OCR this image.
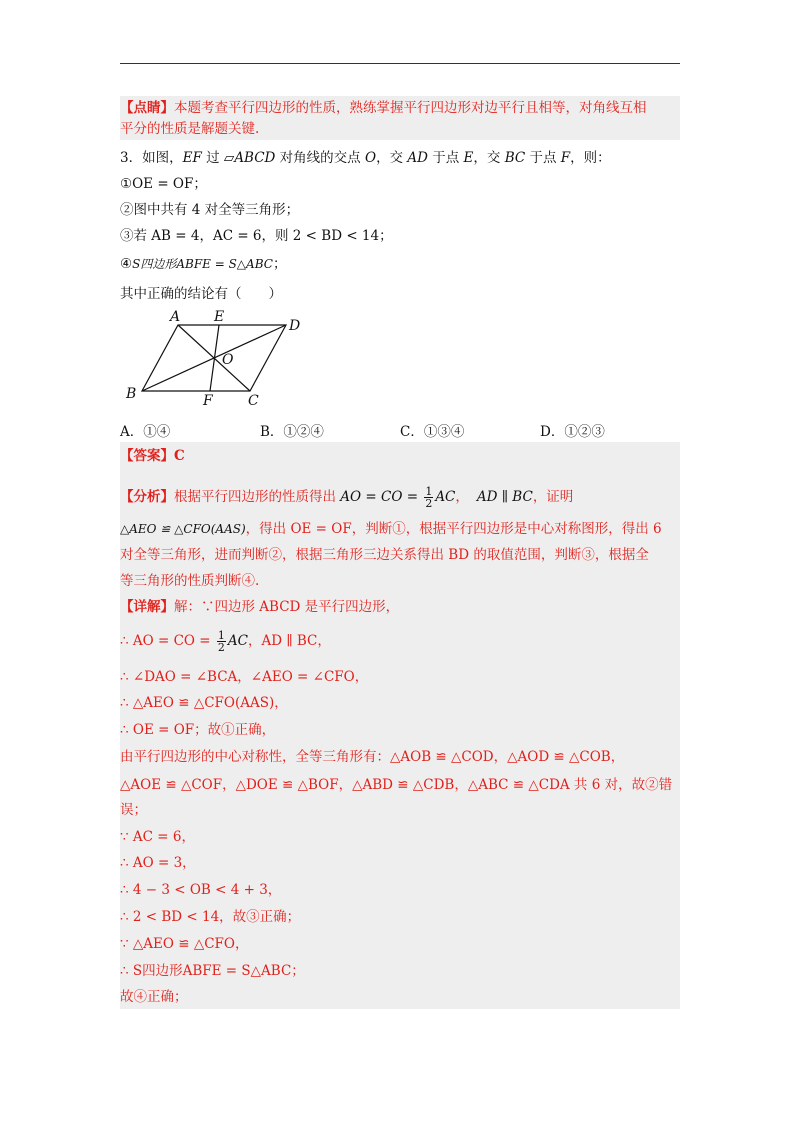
【点睛】本题考查平行四边形的性质，熟练掌握平行四边形对边平行且相等，对角线互相
平分的性质是解题关键.
3．如图，EF 过 ▱ABCD 对角线的交点 O，交 AD 于点 E，交 BC 于点 F，则：
①OE = OF；
②图中共有 4 对全等三角形；
③若 AB = 4，AC = 6，则 2 < BD < 14；
④S四边形ABFE = S△ABC；
其中正确的结论有（　　）
A E
D
O
B	F	C
A．①④	B．①②④	C．①③④	D．①②③
【答案】C
【分析】根据平行四边形的性质得出 AO = CO = $\frac{1}{2}$ AC， AD ∥ BC，证明
△AEO ≌ △CFO(AAS)，得出 OE = OF，判断①，根据平行四边形是中心对称图形，得出 6
对全等三角形，进而判断②，根据三角形三边关系得出 BD 的取值范围，判断③，根据全
等三角形的性质判断④.
【详解】解：∵四边形 ABCD 是平行四边形，
∴ AO = CO = $\frac{1}{2}$ AC，AD ∥ BC，
∴ ∠DAO = ∠BCA，∠AEO = ∠CFO，
∴ △AEO ≌ △CFO(AAS)，
∴ OE = OF；故①正确，
由平行四边形的中心对称性，全等三角形有：△AOB ≌ △COD，△AOD ≌ △COB，
△AOE ≌ △COF，△DOE ≌ △BOF，△ABD ≌ △CDB，△ABC ≌ △CDA 共 6 对，故②错
误；
∵ AC = 6，
∴ AO = 3，
∴ 4 − 3 < OB < 4 + 3，
∴ 2 < BD < 14，故③正确；
∵ △AEO ≌ △CFO，
∴ S四边形ABFE = S△ABC；
故④正确；
